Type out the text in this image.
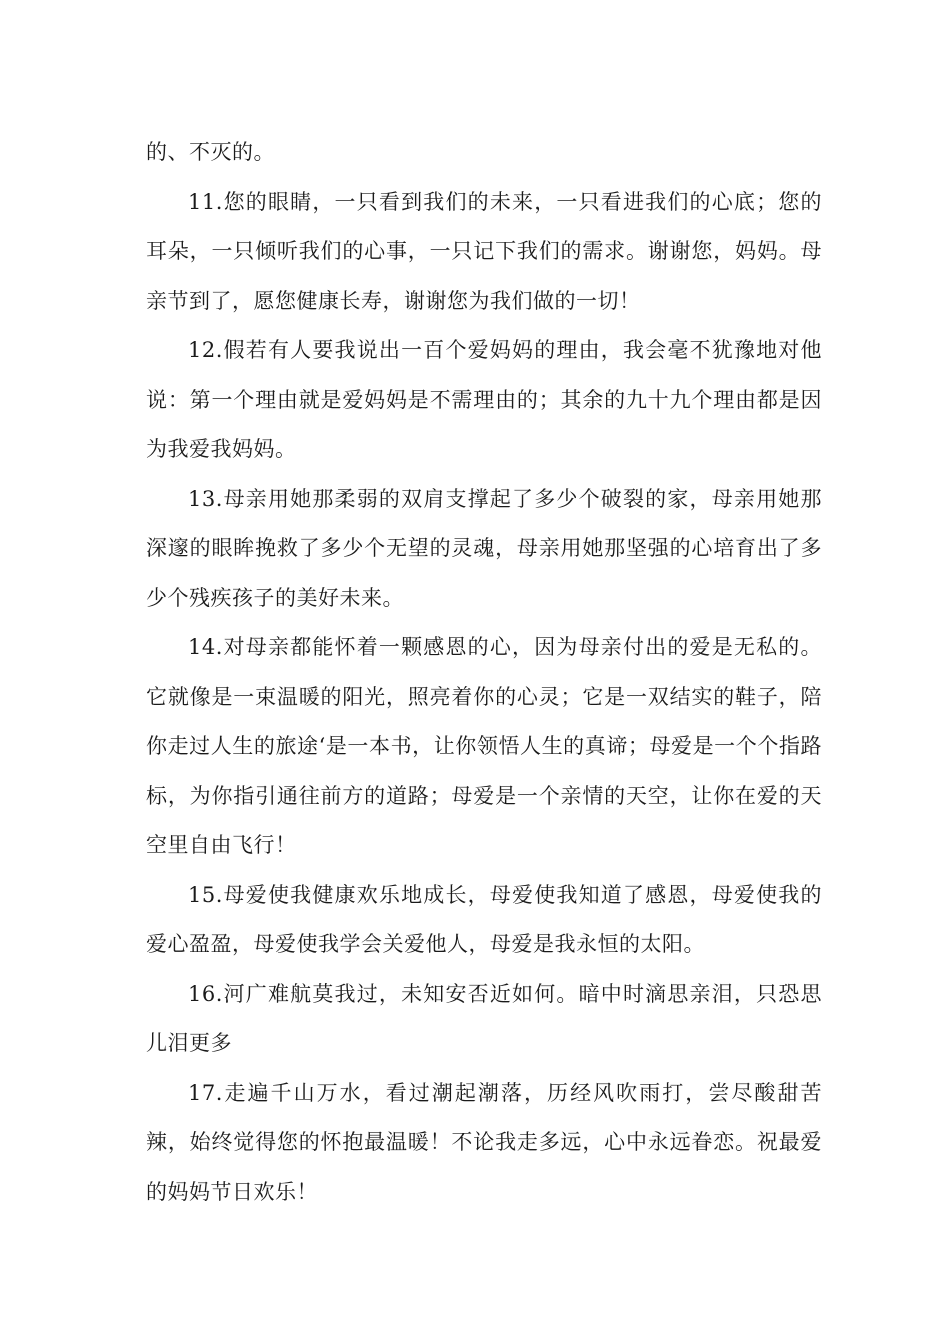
的、不灭的。

11.您的眼睛，一只看到我们的未来，一只看进我们的心底；您的耳朵，一只倾听我们的心事，一只记下我们的需求。谢谢您，妈妈。母亲节到了，愿您健康长寿，谢谢您为我们做的一切！

12.假若有人要我说出一百个爱妈妈的理由，我会毫不犹豫地对他说：第一个理由就是爱妈妈是不需理由的；其余的九十九个理由都是因为我爱我妈妈。

13.母亲用她那柔弱的双肩支撑起了多少个破裂的家，母亲用她那深邃的眼眸挽救了多少个无望的灵魂，母亲用她那坚强的心培育出了多少个残疾孩子的美好未来。

14.对母亲都能怀着一颗感恩的心，因为母亲付出的爱是无私的。它就像是一束温暖的阳光，照亮着你的心灵；它是一双结实的鞋子，陪你走过人生的旅途‘是一本书，让你领悟人生的真谛；母爱是一个个指路标，为你指引通往前方的道路；母爱是一个亲情的天空，让你在爱的天空里自由飞行！

15.母爱使我健康欢乐地成长，母爱使我知道了感恩，母爱使我的爱心盈盈，母爱使我学会关爱他人，母爱是我永恒的太阳。

16.河广难航莫我过，未知安否近如何。暗中时滴思亲泪，只恐思儿泪更多

17.走遍千山万水，看过潮起潮落，历经风吹雨打，尝尽酸甜苦辣，始终觉得您的怀抱最温暖！不论我走多远，心中永远眷恋。祝最爱的妈妈节日欢乐！
